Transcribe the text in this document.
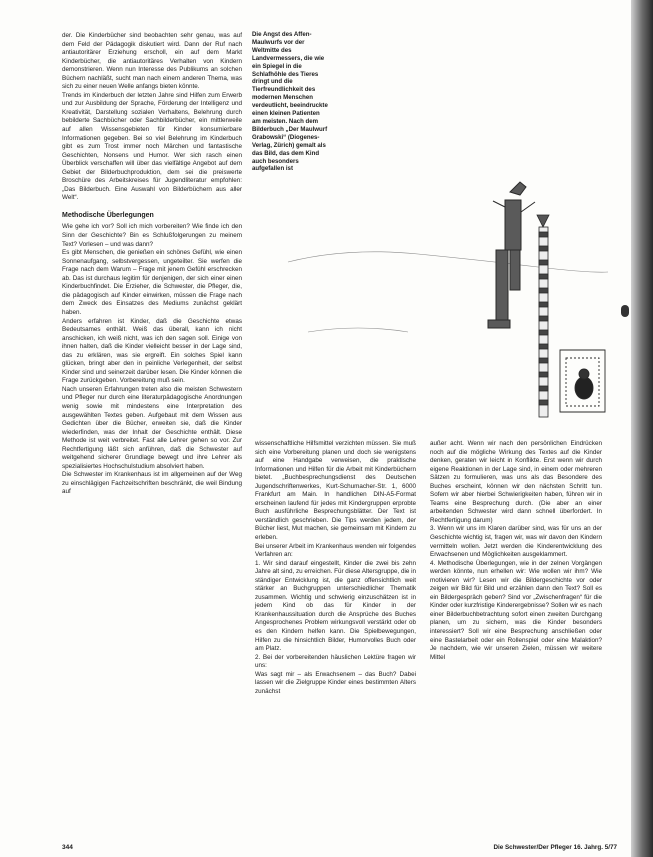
der. Die Kinderbücher sind beobachten sehr genau, was auf dem Feld der Pädagogik diskutiert wird. Dann der Ruf nach antiautoritärer Erziehung erscholl, ein auf dem Markt Kinderbücher, die antiautoritäres Verhalten von Kindern demonstrieren. Wenn nun Interesse des Publikums an solchen Büchern nachläßt, sucht man nach einem anderen Thema, was sich zu einer neuen Welle anfangs bieten könnte.

Trends im Kinderbuch der letzten Jahre sind Hilfen zum Erwerb und zur Ausbildung der Sprache, Förderung der Intelligenz und Kreativität, Darstellung sozialen Verhaltens, Belehrung durch bebilderte Sachbücher oder Sachbilderbücher, ein mittlerweile auf allen Wissensgebieten für Kinder konsumierbare Informationen gegeben. Bei so viel Belehrung im Kinderbuch gibt es zum Trost immer noch Märchen und fantastische Geschichten, Nonsens und Humor. Wer sich rasch einen Überblick verschaffen will über das vielfältige Angebot auf dem Gebiet der Bilderbuchproduktion, dem sei die preiswerte Broschüre des Arbeitskreises für Jugendliteratur empfohlen: „Das Bilderbuch. Eine Auswahl von Bilderbüchern aus aller Welt“.

Methodische Überlegungen

Wie gehe ich vor? Soll ich mich vorbereiten? Wie finde ich den Sinn der Geschichte? Bin es Schlußfolgerungen zu meinem Text? Vorlesen – und was dann?

Es gibt Menschen, die genießen ein schönes Gefühl, wie einen Sonnenaufgang, selbstvergessen, ungeteilter. Sie werfen die Frage nach dem Warum – Frage mit jenem Gefühl erschrecken ab. Das ist durchaus legitim für denjenigen, der sich einer einen Kinderbuchfindet. Die Erzieher, die Schwester, die Pfleger, die, die pädagogisch auf Kinder einwirken, müssen die Frage nach dem Zweck des Einsatzes des Mediums zunächst geklärt haben.

Anders erfahren ist Kinder, daß die Geschichte etwas Bedeutsames enthält. Weiß das überall, kann ich nicht anschicken, ich weiß nicht, was ich den sagen soll. Einige von ihnen halten, daß die Kinder vielleicht besser in der Lage sind, das zu erklären, was sie ergreift. Ein solches Spiel kann glücken, bringt aber den in peinliche Verlegenheit, der selbst Kinder sind und seinerzeit darüber lesen. Die Kinder können die Frage zurückgeben. Vorbereitung muß sein.

Nach unseren Erfahrungen treten also die meisten Schwestern und Pfleger nur durch eine literaturpädagogische Anordnungen wenig sowie mit mindestens eine Interpretation des ausgewählten Textes geben. Aufgebaut mit dem Wissen aus Gedichten über die Bücher, erweiten sie, daß die Kinder wiederfinden, was der Inhalt der Geschichte enthält. Diese Methode ist weit verbreitet. Fast alle Lehrer gehen so vor. Zur Rechtfertigung läßt sich anführen, daß die Schwester auf weitgehend sicherer Grundlage bewegt und ihre Lehrer als spezialisiertes Hochschulstudium absolviert haben.

Die Schwester im Krankenhaus ist im allgemeinen auf der Weg zu einschlägigen Fachzeitschriften beschränkt, die weil Bindung auf

Die Angst des Affen-Maulwurfs vor der Weltmitte des Landvermessers, die wie ein Spiegel in die Schlafhöhle des Tieres dringt und die Tierfreundlichkeit des modernen Menschen verdeutlicht, beeindruckte einen kleinen Patienten am meisten. Nach dem Bilderbuch „Der Maulwurf Grabowski“ (Diogenes-Verlag, Zürich) gemalt als das Bild, das dem Kind auch besonders aufgefallen ist

wissenschaftliche Hilfsmittel verzichten müssen. Sie muß sich eine Vorbereitung planen und doch sie wenigstens auf eine Handgabe verweisen, die praktische Informationen und Hilfen für die Arbeit mit Kinderbüchern bietet. „Buchbesprechungsdienst des Deutschen Jugendschriftenwerkes, Kurt-Schumacher-Str. 1, 6000 Frankfurt am Main. In handlichen DIN-A5-Format erscheinen laufend für jedes mit Kindergruppen erprobte Buch ausführliche Besprechungsblätter. Der Text ist verständlich geschrieben. Die Tips werden jedem, der Bücher liest, Mut machen, sie gemeinsam mit Kindern zu erleben.

Bei unserer Arbeit im Krankenhaus wenden wir folgendes Verfahren an:

1. Wir sind darauf eingestellt, Kinder die zwei bis zehn Jahre alt sind, zu erreichen. Für diese Altersgruppe, die in ständiger Entwicklung ist, die ganz offensichtlich weit stärker an Buchgruppen unterschiedlicher Thematik zusammen. Wichtig und schwierig einzuschätzen ist in jedem Kind ob das für Kinder in der Krankenhaussituation durch die Ansprüche des Buches Angesprochenes Problem wirkungsvoll verstärkt oder ob es den Kindern helfen kann. Die Spielbewegungen, Hilfen zu die hinsichtlich Bilder, Humorvolles Buch oder am Platz.

2. Bei der vorbereitenden häuslichen Lektüre fragen wir uns:

Was sagt mir – als Erwachsenem – das Buch? Dabei lassen wir die Zielgruppe Kinder eines bestimmten Alters zunächst

außer acht. Wenn wir nach den persönlichen Eindrücken noch auf die mögliche Wirkung des Textes auf die Kinder denken, geraten wir leicht in Konflikte. Erst wenn wir durch eigene Reaktionen in der Lage sind, in einem oder mehreren Sätzen zu formulieren, was uns als das Besondere des Buches erscheint, können wir den nächsten Schritt tun. Sofern wir aber hierbei Schwierigkeiten haben, führen wir in Teams eine Besprechung durch. (Die aber an einer arbeitenden Schwester wird dann schnell überfordert. In Rechtfertigung darum)

3. Wenn wir uns im Klaren darüber sind, was für uns an der Geschichte wichtig ist, fragen wir, was wir davon den Kindern vermitteln wollen. Jetzt werden die Kinderentwicklung des Erwachsenen und Möglichkeiten ausgeklammert.

4. Methodische Überlegungen, wie in der zelnen Vorgängen werden könnte, nun erhellen wir: Wie wollen wir ihm? Wie motivieren wir? Lesen wir die Bildergeschichte vor oder zeigen wir Bild für Bild und erzählen dann den Text? Soll es ein Bildergespräch geben? Sind vor „Zwischenfragen“ für die Kinder oder kurzfristige Kinderergebnisse? Sollen wir es nach einer Bilderbuchbetrachtung sofort einen zweiten Durchgang planen, um zu sichern, was die Kinder besonders interessiert? Soll wir eine Besprechung anschließen oder eine Bastelarbeit oder ein Rollenspiel oder eine Malaktion? Je nachdem, wie wir unseren Zielen, müssen wir weitere Mittel

344	Die Schwester/Der Pfleger 16. Jahrg. 5/77
